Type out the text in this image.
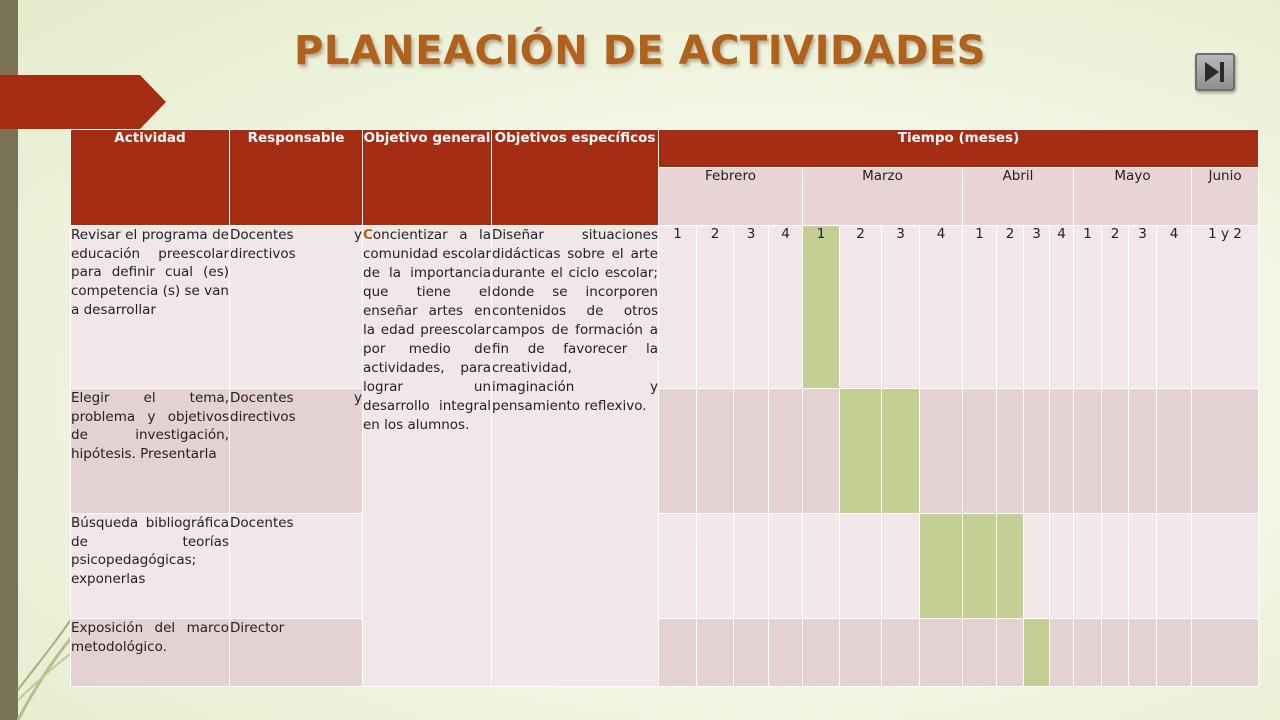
PLANEACIÓN DE ACTIVIDADES
Actividad	Responsable	Objetivo general	Objetivos específicos	Tiempo (meses)																
				Febrero				Marzo				Abril				Mayo				Junio
Revisar el programa de educación preescolar para definir cual (es) competencia (s) se van a desarrollar	Docentes y directivos	Concientizar a la comunidad escolar de la importancia que tiene el enseñar artes en la edad preescolar por medio de actividades, para lograr un desarrollo integral en los alumnos.	Diseñar situaciones didácticas sobre el arte durante el ciclo escolar; donde se incorporen contenidos de otros campos de formación a fin de favorecer la creatividad, imaginación y pensamiento reflexivo.	1	2	3	4	1	2	3	4	1	2	3	4	1	2	3	4	1 y 2
Elegir el tema, problema y objetivos de investigación, hipótesis. Presentarla	Docentes y directivos																			
Búsqueda bibliográfica de teorías psicopedagógicas; exponerlas	Docentes																			
Exposición del marco metodológico.	Director																			
